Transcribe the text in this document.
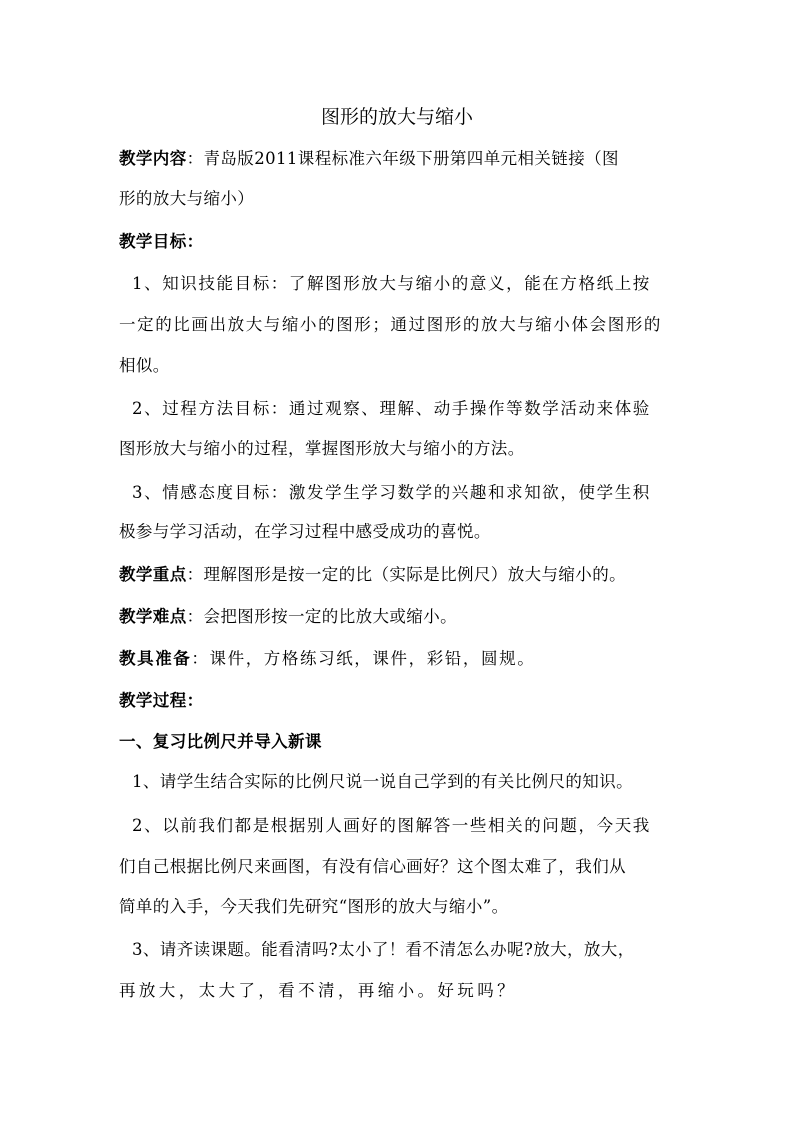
图形的放大与缩小
教学内容：青岛版2011课程标准六年级下册第四单元相关链接（图
形的放大与缩小）
教学目标：
1、知识技能目标：了解图形放大与缩小的意义，能在方格纸上按
一定的比画出放大与缩小的图形；通过图形的放大与缩小体会图形的
相似。
2、过程方法目标：通过观察、理解、动手操作等数学活动来体验
图形放大与缩小的过程，掌握图形放大与缩小的方法。
3、情感态度目标：激发学生学习数学的兴趣和求知欲，使学生积
极参与学习活动，在学习过程中感受成功的喜悦。
教学重点：理解图形是按一定的比（实际是比例尺）放大与缩小的。
教学难点：会把图形按一定的比放大或缩小。
教具准备：课件，方格练习纸，课件，彩铅，圆规。
教学过程：
一、复习比例尺并导入新课
1、请学生结合实际的比例尺说一说自己学到的有关比例尺的知识。
2、以前我们都是根据别人画好的图解答一些相关的问题，今天我
们自己根据比例尺来画图，有没有信心画好？这个图太难了，我们从
简单的入手，今天我们先研究“图形的放大与缩小”。
3、请齐读课题。能看清吗?太小了！看不清怎么办呢?放大，放大，
再放大，太大了，看不清，再缩小。好玩吗？
